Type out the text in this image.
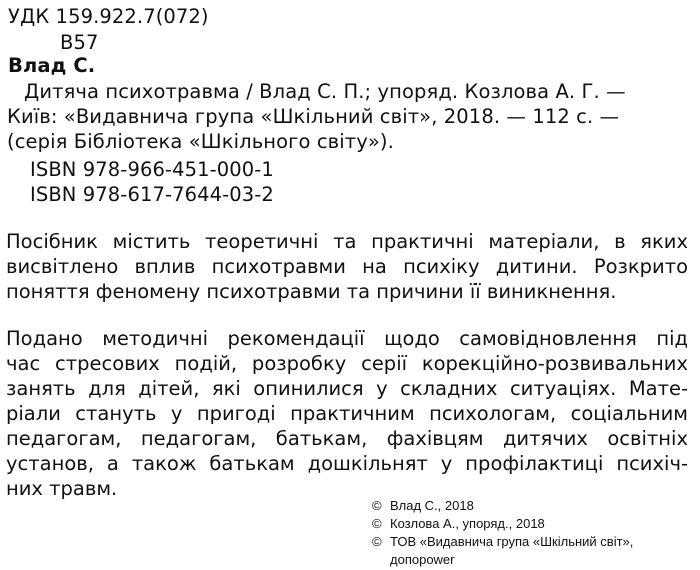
УДК 159.922.7(072)
В57
Влад С.
Дитяча психотравма / Влад С. П.; упоряд. Козлова А. Г. —
Київ: «Видавнича група «Шкільний світ», 2018. — 112 с. —
(серія Бібліотека «Шкільного світу»).
ISBN 978-966-451-000-1
ISBN 978-617-7644-03-2
Посібник містить теоретичні та практичні матеріали, в яких
висвітлено вплив психотравми на психіку дитини. Розкрито
поняття феномену психотравми та причини її виникнення.
Подано методичні рекомендації щодо самовідновлення під
час стресових подій, розробку серії корекційно-розвивальних
занять для дітей, які опинилися у складних ситуаціях. Мате-
ріали стануть у пригоді практичним психологам, соціальним
педагогам, педагогам, батькам, фахівцям дитячих освітніх
установ, а також батькам дошкільнят у профілактиці психіч-
них травм.
© Влад С., 2018
© Козлова А., упоряд., 2018
© ТОВ «Видавнича група «Шкільний світ»,
допоpower
